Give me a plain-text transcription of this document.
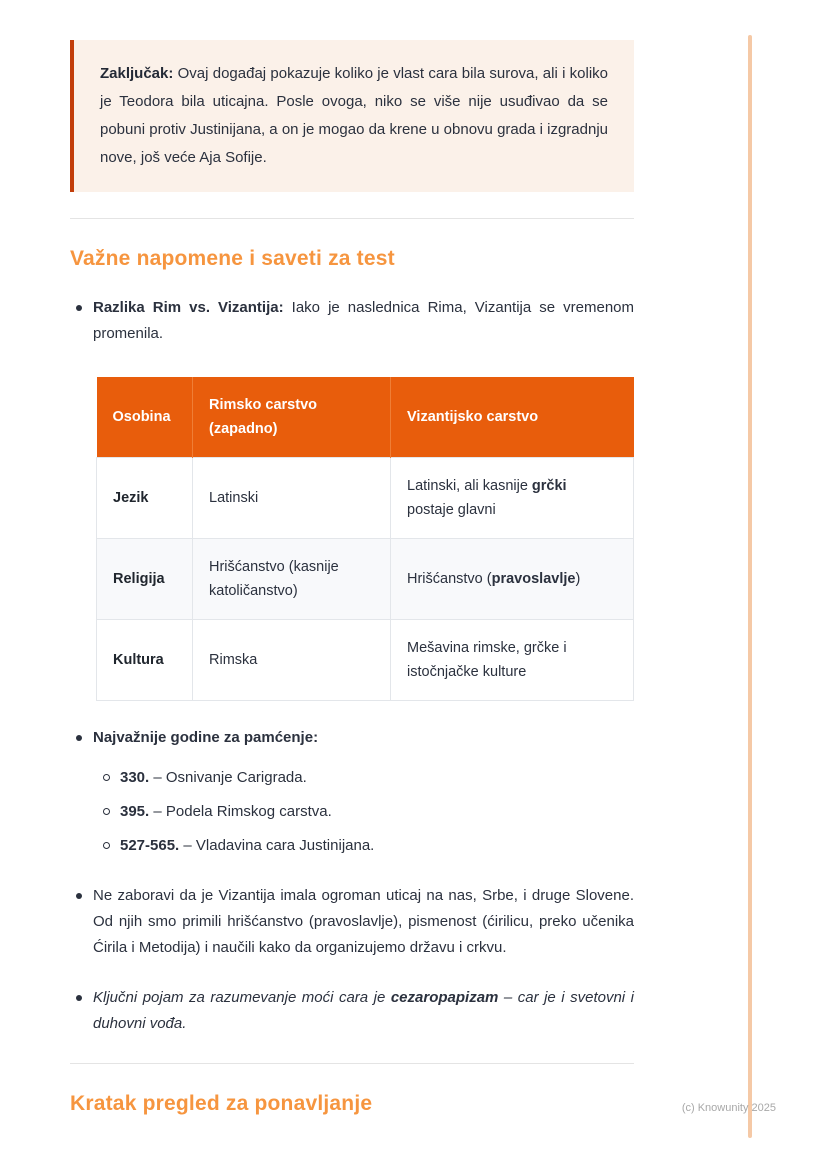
Zaključak: Ovaj događaj pokazuje koliko je vlast cara bila surova, ali i koliko je Teodora bila uticajna. Posle ovoga, niko se više nije usuđivao da se pobuni protiv Justinijana, a on je mogao da krene u obnovu grada i izgradnju nove, još veće Aja Sofije.
Važne napomene i saveti za test
Razlika Rim vs. Vizantija: Iako je naslednica Rima, Vizantija se vremenom promenila.
Osobina	Rimsko carstvo (zapadno)	Vizantijsko carstvo
Jezik	Latinski	Latinski, ali kasnije grčki postaje glavni
Religija	Hrišćanstvo (kasnije katoličanstvo)	Hrišćanstvo (pravoslavlje)
Kultura	Rimska	Mešavina rimske, grčke i istočnjačke kulture
Najvažnije godine za pamćenje:
330. – Osnivanje Carigrada.
395. – Podela Rimskog carstva.
527-565. – Vladavina cara Justinijana.
Ne zaboravi da je Vizantija imala ogroman uticaj na nas, Srbe, i druge Slovene. Od njih smo primili hrišćanstvo (pravoslavlje), pismenost (ćirilicu, preko učenika Ćirila i Metodija) i naučili kako da organizujemo državu i crkvu.
Ključni pojam za razumevanje moći cara je cezaropapizam – car je i svetovni i duhovni vođa.
Kratak pregled za ponavljanje	(c) Knowunity 2025
